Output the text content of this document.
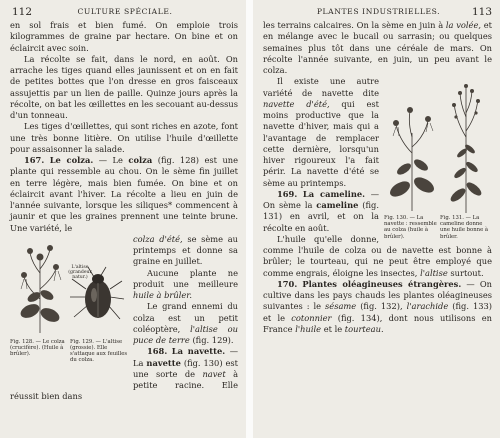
112	CULTURE SPÉCIALE.

en sol frais et bien fumé. On emploie trois kilogrammes de graine par hectare. On bine et on éclaircit avec soin.

La récolte se fait, dans le nord, en août. On arrache les tiges quand elles jaunissent et on en fait de petites bottes que l'on dresse en gros faisceaux assujettis par un lien de paille. Quinze jours après la récolte, on bat les œillettes en les secouant au-dessus d'un tonneau.

Les tiges d'œillettes, qui sont riches en azote, font une très bonne litière. On utilise l'huile d'œillette pour assaisonner la salade.

167. Le colza. — Le colza (fig. 128) est une plante qui ressemble au chou. On le sème fin juillet en terre légère, mais bien fumée. On bine et on éclaircit avant l'hiver. La récolte a lieu en juin de l'année suivante, lorsque les siliques* commencent à jaunir et que les graines prennent une teinte brune. Une variété, le

L'altise (grandeur natur.)
Fig. 128. — Le colza (crucifère). (Huile à brûler).
Fig. 129. — L'altise (grossie). Elle s'attaque aux feuilles du colza.

colza d'été, se sème au printemps et donne sa graine en juillet.

Aucune plante ne produit une meilleure huile à brûler.

Le grand ennemi du colza est un petit coléoptère, l'altise ou puce de terre (fig. 129).

168. La navette. — La navette (fig. 130) est une sorte de navet à petite racine. Elle réussit bien dans

PLANTES INDUSTRIELLES.	113

les terrains calcaires. On la sème en juin à la volée, et en mélange avec le bucail ou sarrasin; ou quelques semaines plus tôt dans une céréale de mars. On récolte l'année suivante, en juin, un peu avant le colza.

Fig. 130. — La navette : ressemble au colza (huile à brûler).
Fig. 131. — La cameline donne une huile bonne à brûler.

Il existe une autre variété de navette dite navette d'été, qui est moins productive que la navette d'hiver, mais qui a l'avantage de remplacer cette dernière, lorsqu'un hiver rigoureux l'a fait périr. La navette d'été se sème au printemps.

169. La cameline. — On sème la cameline (fig. 131) en avril, et on la récolte en août.

L'huile qu'elle donne, comme l'huile de colza ou de navette est bonne à brûler; le tourteau, qui ne peut être employé que comme engrais, éloigne les insectes, l'altise surtout.

170. Plantes oléagineuses étrangères. — On cultive dans les pays chauds les plantes oléagineuses suivantes : le sésame (fig. 132), l'arachide (fig. 133) et le cotonnier (fig. 134), dont nous utilisons en France l'huile et le tourteau.
